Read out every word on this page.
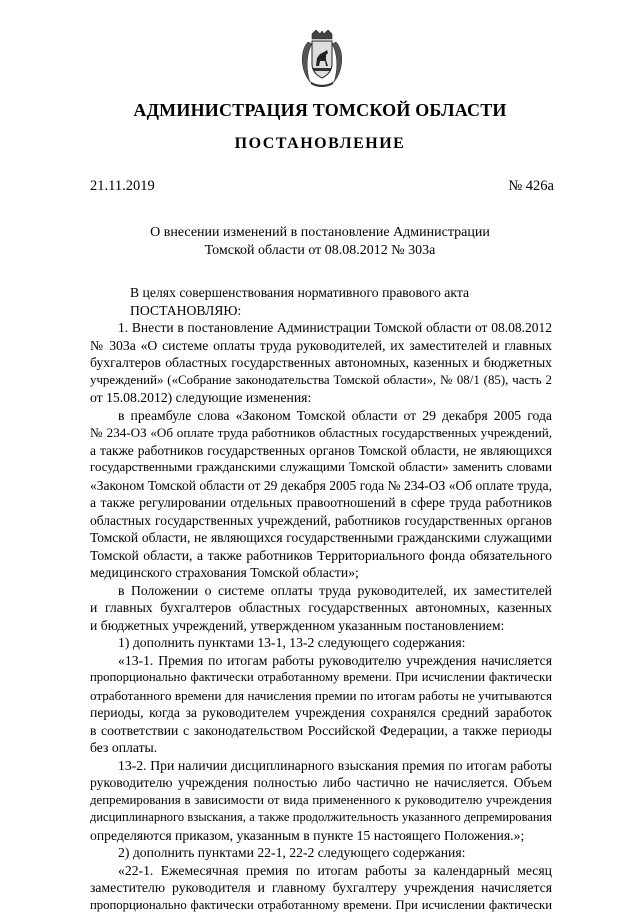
АДМИНИСТРАЦИЯ ТОМСКОЙ ОБЛАСТИ
ПОСТАНОВЛЕНИЕ
21.11.2019	№ 426а
О внесении изменений в постановление Администрации
Томской области от 08.08.2012 № 303а
В целях совершенствования нормативного правового акта
ПОСТАНОВЛЯЮ:
1. Внести в постановление Администрации Томской области от 08.08.2012
№ 303а «О системе оплаты труда руководителей, их заместителей и главных
бухгалтеров областных государственных автономных, казенных и бюджетных
учреждений» («Собрание законодательства Томской области», № 08/1 (85), часть 2
от 15.08.2012) следующие изменения:
в преамбуле слова «Законом Томской области от 29 декабря 2005 года
№ 234-ОЗ «Об оплате труда работников областных государственных учреждений,
а также работников государственных органов Томской области, не являющихся
государственными гражданскими служащими Томской области» заменить словами
«Законом Томской области от 29 декабря 2005 года № 234-ОЗ «Об оплате труда,
а также регулировании отдельных правоотношений в сфере труда работников
областных государственных учреждений, работников государственных органов
Томской области, не являющихся государственными гражданскими служащими
Томской области, а также работников Территориального фонда обязательного
медицинского страхования Томской области»;
в Положении о системе оплаты труда руководителей, их заместителей
и главных бухгалтеров областных государственных автономных, казенных
и бюджетных учреждений, утвержденном указанным постановлением:
1) дополнить пунктами 13-1, 13-2 следующего содержания:
«13-1. Премия по итогам работы руководителю учреждения начисляется
пропорционально фактически отработанному времени. При исчислении фактически
отработанного времени для начисления премии по итогам работы не учитываются
периоды, когда за руководителем учреждения сохранялся средний заработок
в соответствии с законодательством Российской Федерации, а также периоды
без оплаты.
13-2. При наличии дисциплинарного взыскания премия по итогам работы
руководителю учреждения полностью либо частично не начисляется. Объем
депремирования в зависимости от вида примененного к руководителю учреждения
дисциплинарного взыскания, а также продолжительность указанного депремирования
определяются приказом, указанным в пункте 15 настоящего Положения.»;
2) дополнить пунктами 22-1, 22-2 следующего содержания:
«22-1. Ежемесячная премия по итогам работы за календарный месяц
заместителю руководителя и главному бухгалтеру учреждения начисляется
пропорционально фактически отработанному времени. При исчислении фактически
